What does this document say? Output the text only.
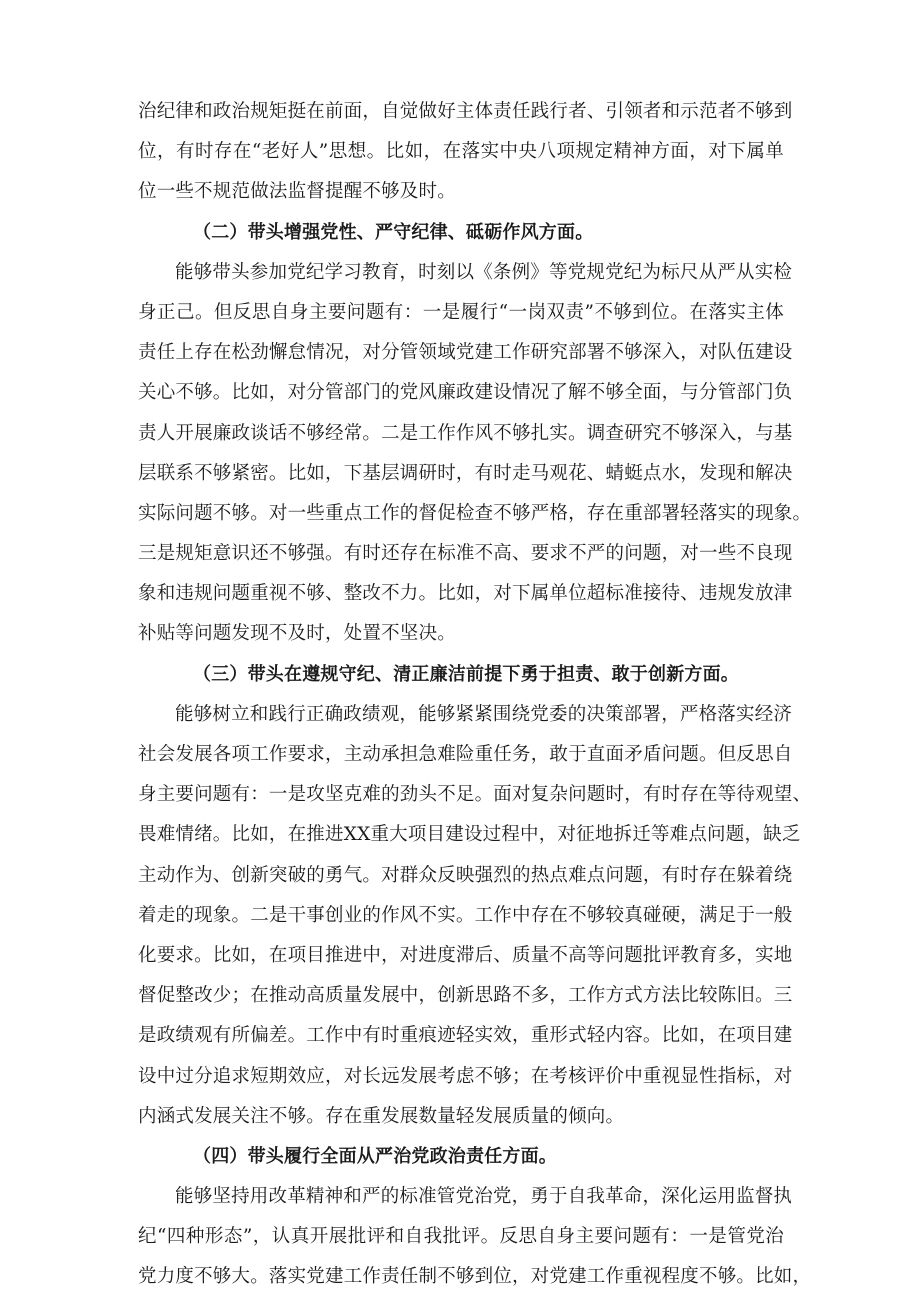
治纪律和政治规矩挺在前面，自觉做好主体责任践行者、引领者和示范者不够到
位，有时存在“老好人”思想。比如，在落实中央八项规定精神方面，对下属单
位一些不规范做法监督提醒不够及时。
（二）带头增强党性、严守纪律、砥砺作风方面。
能够带头参加党纪学习教育，时刻以《条例》等党规党纪为标尺从严从实检
身正己。但反思自身主要问题有：一是履行“一岗双责”不够到位。在落实主体
责任上存在松劲懈怠情况，对分管领域党建工作研究部署不够深入，对队伍建设
关心不够。比如，对分管部门的党风廉政建设情况了解不够全面，与分管部门负
责人开展廉政谈话不够经常。二是工作作风不够扎实。调查研究不够深入，与基
层联系不够紧密。比如，下基层调研时，有时走马观花、蜻蜓点水，发现和解决
实际问题不够。对一些重点工作的督促检查不够严格，存在重部署轻落实的现象。
三是规矩意识还不够强。有时还存在标准不高、要求不严的问题，对一些不良现
象和违规问题重视不够、整改不力。比如，对下属单位超标准接待、违规发放津
补贴等问题发现不及时，处置不坚决。
（三）带头在遵规守纪、清正廉洁前提下勇于担责、敢于创新方面。
能够树立和践行正确政绩观，能够紧紧围绕党委的决策部署，严格落实经济
社会发展各项工作要求，主动承担急难险重任务，敢于直面矛盾问题。但反思自
身主要问题有：一是攻坚克难的劲头不足。面对复杂问题时，有时存在等待观望、
畏难情绪。比如，在推进XX重大项目建设过程中，对征地拆迁等难点问题，缺乏
主动作为、创新突破的勇气。对群众反映强烈的热点难点问题，有时存在躲着绕
着走的现象。二是干事创业的作风不实。工作中存在不够较真碰硬，满足于一般
化要求。比如，在项目推进中，对进度滞后、质量不高等问题批评教育多，实地
督促整改少；在推动高质量发展中，创新思路不多，工作方式方法比较陈旧。三
是政绩观有所偏差。工作中有时重痕迹轻实效，重形式轻内容。比如，在项目建
设中过分追求短期效应，对长远发展考虑不够；在考核评价中重视显性指标，对
内涵式发展关注不够。存在重发展数量轻发展质量的倾向。
（四）带头履行全面从严治党政治责任方面。
能够坚持用改革精神和严的标准管党治党，勇于自我革命，深化运用监督执
纪“四种形态”，认真开展批评和自我批评。反思自身主要问题有：一是管党治
党力度不够大。落实党建工作责任制不够到位，对党建工作重视程度不够。比如，
